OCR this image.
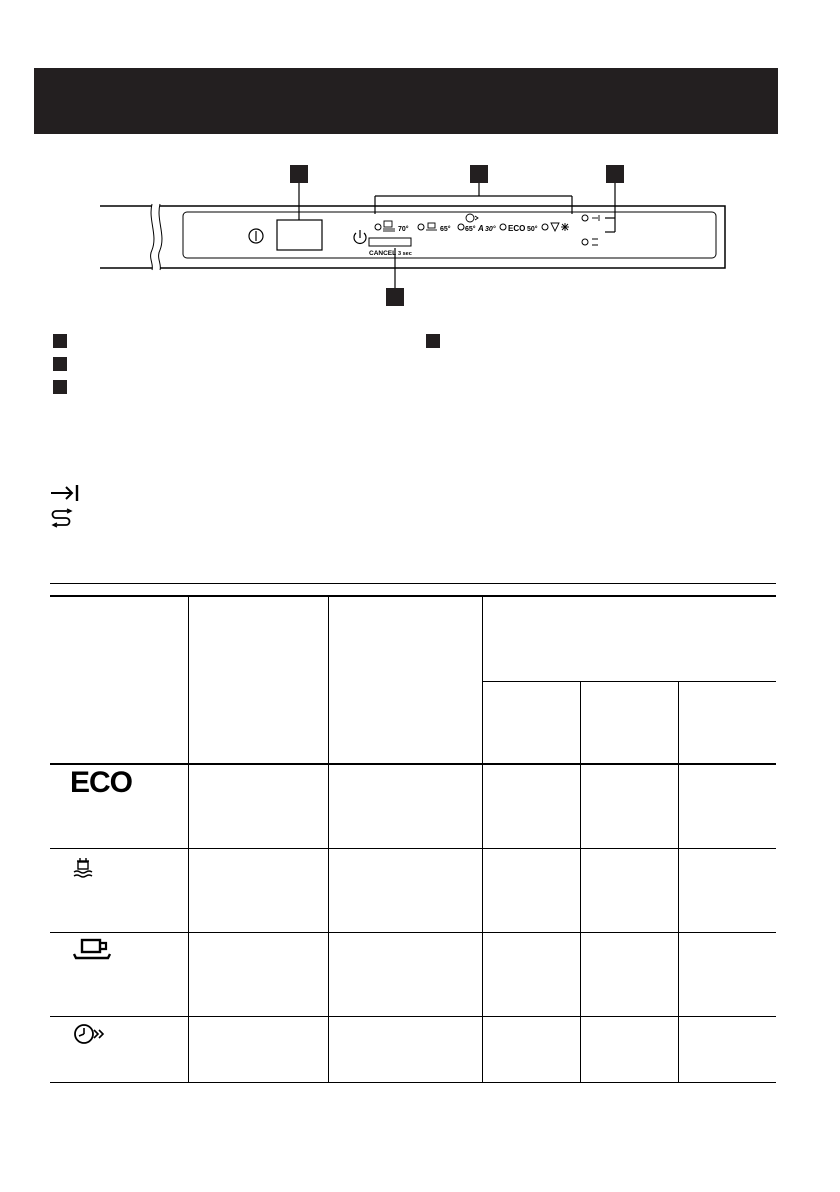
70°	65° 65° A 30° ECO 50°
CANCEL 3 sec
ECO
